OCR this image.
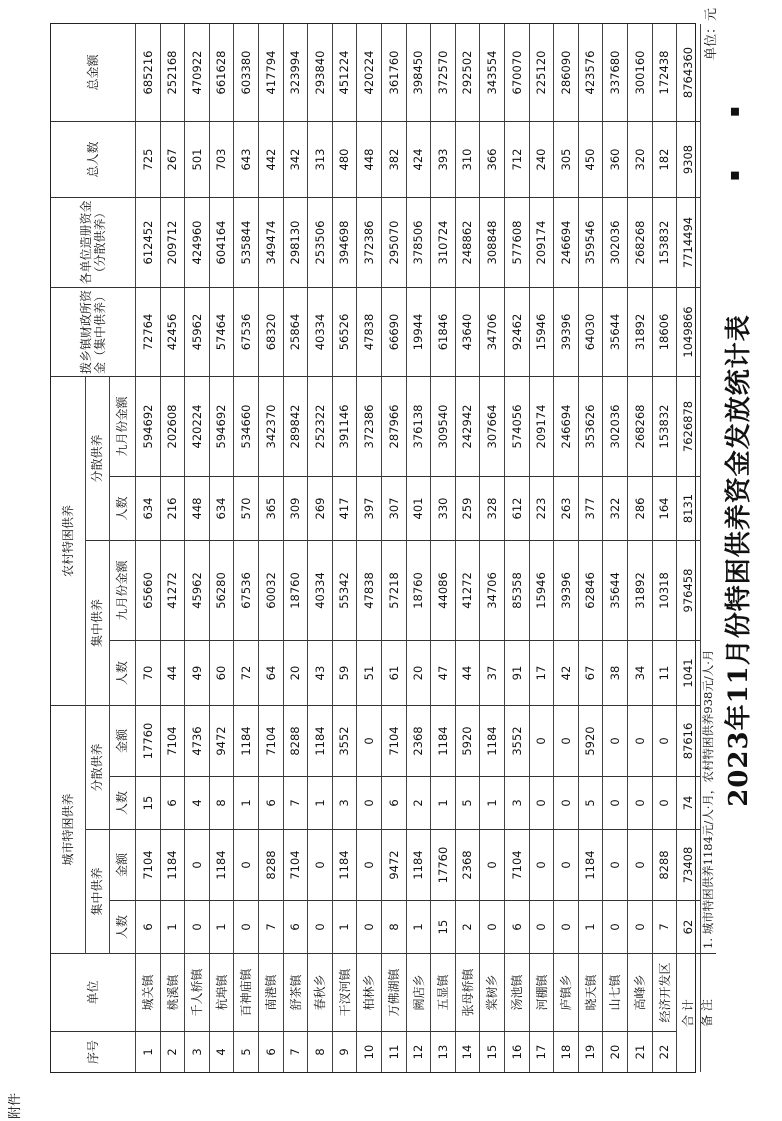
附件
2023年11月份特困供养资金发放统计表
▪ ▪
单位：元
序号
单位
城市特困供养
集中供养
分散供养
人数
金额
人数
金额
农村特困供养
集中供养
分散供养
人数
九月份金额
人数
九月份金额
拨乡镇财政所资金（集中供养）
各单位造册资金（分散供养）
总人数
总金额
1
城关镇
6
7104
15
17760
70
65660
634
594692
72764
612452
725
685216
2
桃溪镇
1
1184
6
7104
44
41272
216
202608
42456
209712
267
252168
3
千人桥镇
0
0
4
4736
49
45962
448
420224
45962
424960
501
470922
4
杭埠镇
1
1184
8
9472
60
56280
634
594692
57464
604164
703
661628
5
百神庙镇
0
0
1
1184
72
67536
570
534660
67536
535844
643
603380
6
南港镇
7
8288
6
7104
64
60032
365
342370
68320
349474
442
417794
7
舒茶镇
6
7104
7
8288
20
18760
309
289842
25864
298130
342
323994
8
春秋乡
0
0
1
1184
43
40334
269
252322
40334
253506
313
293840
9
干汊河镇
1
1184
3
3552
59
55342
417
391146
56526
394698
480
451224
10
柏林乡
0
0
0
0
51
47838
397
372386
47838
372386
448
420224
11
万佛湖镇
8
9472
6
7104
61
57218
307
287966
66690
295070
382
361760
12
阙店乡
1
1184
2
2368
20
18760
401
376138
19944
378506
424
398450
13
五显镇
15
17760
1
1184
47
44086
330
309540
61846
310724
393
372570
14
张母桥镇
2
2368
5
5920
44
41272
259
242942
43640
248862
310
292502
15
棠树乡
0
0
1
1184
37
34706
328
307664
34706
308848
366
343554
16
汤池镇
6
7104
3
3552
91
85358
612
574056
92462
577608
712
670070
17
河棚镇
0
0
0
0
17
15946
223
209174
15946
209174
240
225120
18
庐镇乡
0
0
0
0
42
39396
263
246694
39396
246694
305
286090
19
晓天镇
1
1184
5
5920
67
62846
377
353626
64030
359546
450
423576
20
山七镇
0
0
0
0
38
35644
322
302036
35644
302036
360
337680
21
高峰乡
0
0
0
0
34
31892
286
268268
31892
268268
320
300160
22
经济开发区
7
8288
0
0
11
10318
164
153832
18606
153832
182
172438
合 计
62
73408
74
87616
1041
976458
8131
7626878
1049866
7714494
9308
8764360
备 注
1. 城市特困供养1184元/人·月，农村特困供养938元/人·月
